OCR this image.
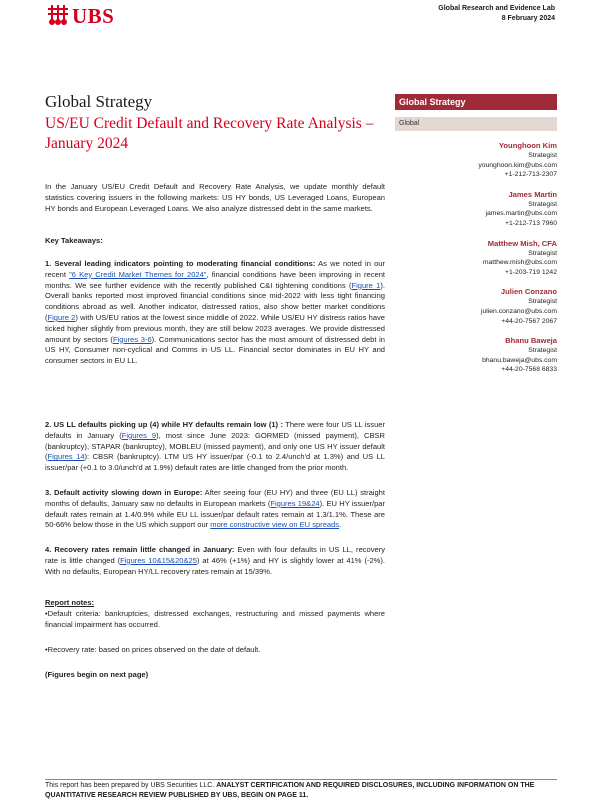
UBS	Global Research and Evidence Lab
8 February 2024
Global Strategy
US/EU Credit Default and Recovery Rate Analysis – January 2024
Global Strategy
Global
Younghoon Kim
Strategist
younghoon.kim@ubs.com
+1-212-713-2307
James Martin
Strategist
james.martin@ubs.com
+1-212-713 7960
Matthew Mish, CFA
Strategist
matthew.mish@ubs.com
+1-203-719 1242
Julien Conzano
Strategist
julien.conzano@ubs.com
+44-20-7567 2067
Bhanu Baweja
Strategist
bhanu.baweja@ubs.com
+44-20-7568 6833
In the January US/EU Credit Default and Recovery Rate Analysis, we update monthly default statistics covering issuers in the following markets: US HY bonds, US Leveraged Loans, European HY bonds and European Leveraged Loans. We also analyze distressed debt in the same markets.
Key Takeaways:
1. Several leading indicators pointing to moderating financial conditions: As we noted in our recent "6 Key Credit Market Themes for 2024", financial conditions have been improving in recent months. We see further evidence with the recently published C&I tightening conditions (Figure 1). Overall banks reported most improved financial conditions since mid-2022 with less tight financing conditions abroad as well. Another indicator, distressed ratios, also show better market conditions (Figure 2) with US/EU ratios at the lowest since middle of 2022. While US/EU HY distress ratios have ticked higher slightly from previous month, they are still below 2023 averages. We provide distressed amount by sectors (Figures 3-6). Communications sector has the most amount of distressed debt in US HY, Consumer non-cyclical and Comms in US LL. Financial sector dominates in EU HY and consumer sectors in EU LL.
2. US LL defaults picking up (4) while HY defaults remain low (1) : There were four US LL issuer defaults in January (Figures 9), most since June 2023: GORMED (missed payment), CBSR (bankruptcy), STAPAR (bankruptcy), MOBLEU (missed payment), and only one US HY issuer default (Figures 14): CBSR (bankruptcy). LTM US HY issuer/par (-0.1 to 2.4/unch'd at 1.3%) and US LL issuer/par (+0.1 to 3.0/unch'd at 1.9%) default rates are little changed from the prior month.
3. Default activity slowing down in Europe: After seeing four (EU HY) and three (EU LL) straight months of defaults, January saw no defaults in European markets (Figures 19&24). EU HY issuer/par default rates remain at 1.4/0.9% while EU LL issuer/par default rates remain at 1.3/1.1%. These are 50-66% below those in the US which support our more constructive view on EU spreads.
4. Recovery rates remain little changed in January: Even with four defaults in US LL, recovery rate is little changed (Figures 10&15&20&25) at 46% (+1%) and HY is slightly lower at 41% (-2%). With no defaults, European HY/LL recovery rates remain at 15/39%.
Report notes:
•Default criteria: bankruptcies, distressed exchanges, restructuring and missed payments where financial impairment has occurred.
•Recovery rate: based on prices observed on the date of default.
(Figures begin on next page)
This report has been prepared by UBS Securities LLC. ANALYST CERTIFICATION AND REQUIRED DISCLOSURES, INCLUDING INFORMATION ON THE QUANTITATIVE RESEARCH REVIEW PUBLISHED BY UBS, BEGIN ON PAGE 11.
